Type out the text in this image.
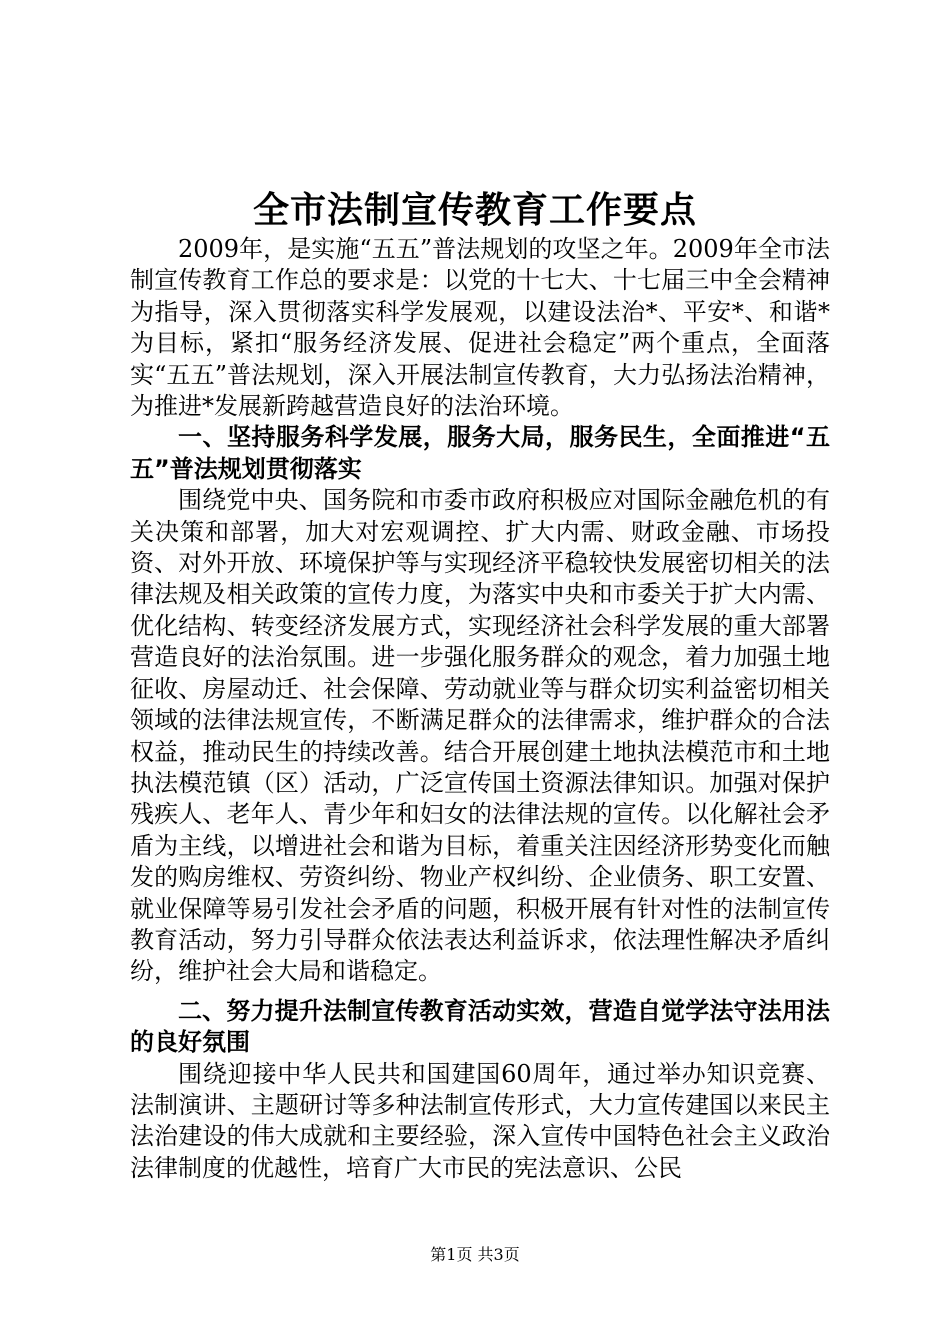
全市法制宣传教育工作要点

2009年，是实施“五五”普法规划的攻坚之年。2009年全市法制宣传教育工作总的要求是：以党的十七大、十七届三中全会精神为指导，深入贯彻落实科学发展观，以建设法治*、平安*、和谐*为目标，紧扣“服务经济发展、促进社会稳定”两个重点，全面落实“五五”普法规划，深入开展法制宣传教育，大力弘扬法治精神，为推进*发展新跨越营造良好的法治环境。

一、坚持服务科学发展，服务大局，服务民生，全面推进“五五”普法规划贯彻落实

围绕党中央、国务院和市委市政府积极应对国际金融危机的有关决策和部署，加大对宏观调控、扩大内需、财政金融、市场投资、对外开放、环境保护等与实现经济平稳较快发展密切相关的法律法规及相关政策的宣传力度，为落实中央和市委关于扩大内需、优化结构、转变经济发展方式，实现经济社会科学发展的重大部署营造良好的法治氛围。进一步强化服务群众的观念，着力加强土地征收、房屋动迁、社会保障、劳动就业等与群众切实利益密切相关领域的法律法规宣传，不断满足群众的法律需求，维护群众的合法权益，推动民生的持续改善。结合开展创建土地执法模范市和土地执法模范镇（区）活动，广泛宣传国土资源法律知识。加强对保护残疾人、老年人、青少年和妇女的法律法规的宣传。以化解社会矛盾为主线，以增进社会和谐为目标，着重关注因经济形势变化而触发的购房维权、劳资纠纷、物业产权纠纷、企业债务、职工安置、就业保障等易引发社会矛盾的问题，积极开展有针对性的法制宣传教育活动，努力引导群众依法表达利益诉求，依法理性解决矛盾纠纷，维护社会大局和谐稳定。

二、努力提升法制宣传教育活动实效，营造自觉学法守法用法的良好氛围

围绕迎接中华人民共和国建国60周年，通过举办知识竞赛、法制演讲、主题研讨等多种法制宣传形式，大力宣传建国以来民主法治建设的伟大成就和主要经验，深入宣传中国特色社会主义政治法律制度的优越性，培育广大市民的宪法意识、公民

第1页 共3页
